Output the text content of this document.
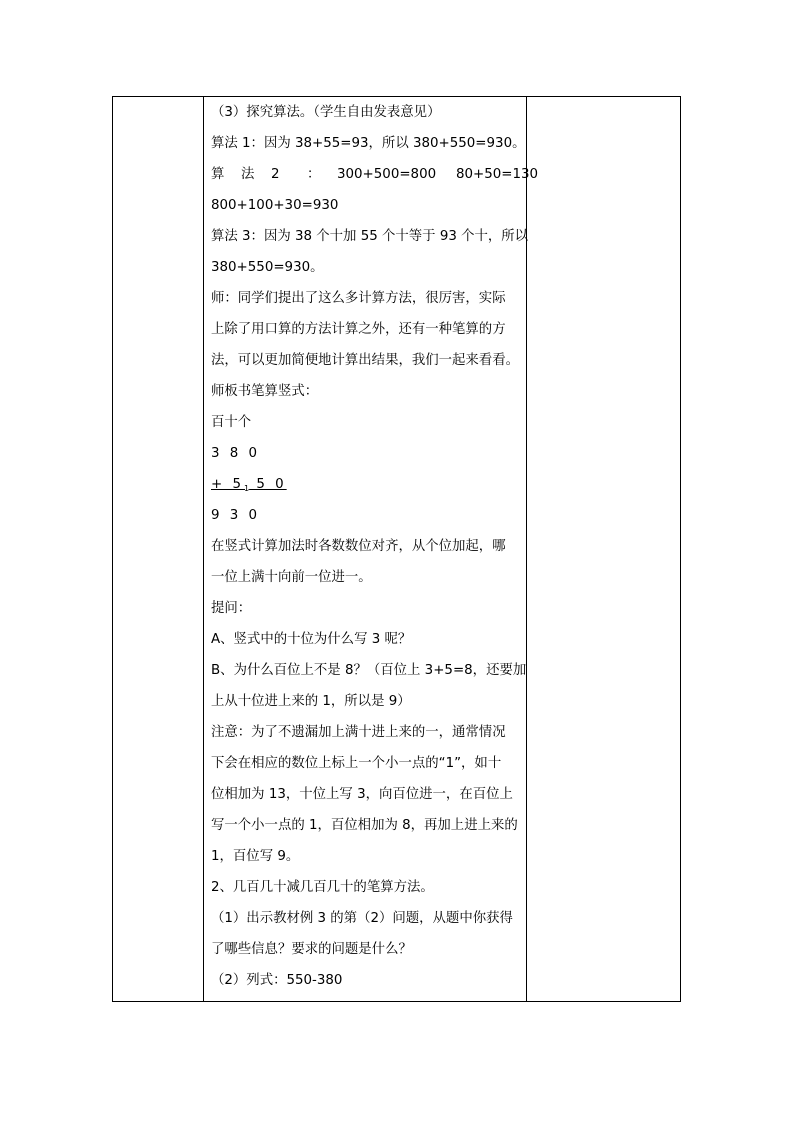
（3）探究算法。（学生自由发表意见）
算法 1：因为 38+55=93，所以 380+550=930。
算 法 2 ： 300+500=800 80+50=130
800+100+30=930
算法 3：因为 38 个十加 55 个十等于 93 个十，所以
380+550=930。
师：同学们提出了这么多计算方法，很厉害，实际
上除了用口算的方法计算之外，还有一种笔算的方
法，可以更加简便地计算出结果，我们一起来看看。
师板书笔算竖式：
百十个
3 8 0
+ $5_1$ 5 0
9 3 0
在竖式计算加法时各数数位对齐，从个位加起，哪
一位上满十向前一位进一。
提问：
A、竖式中的十位为什么写 3 呢？
B、为什么百位上不是 8？（百位上 3+5=8，还要加
上从十位进上来的 1，所以是 9）
注意：为了不遗漏加上满十进上来的一，通常情况
下会在相应的数位上标上一个小一点的“1”，如十
位相加为 13，十位上写 3，向百位进一，在百位上
写一个小一点的 1，百位相加为 8，再加上进上来的
1，百位写 9。
2、几百几十减几百几十的笔算方法。
（1）出示教材例 3 的第（2）问题，从题中你获得
了哪些信息？要求的问题是什么？
（2）列式：550-380
